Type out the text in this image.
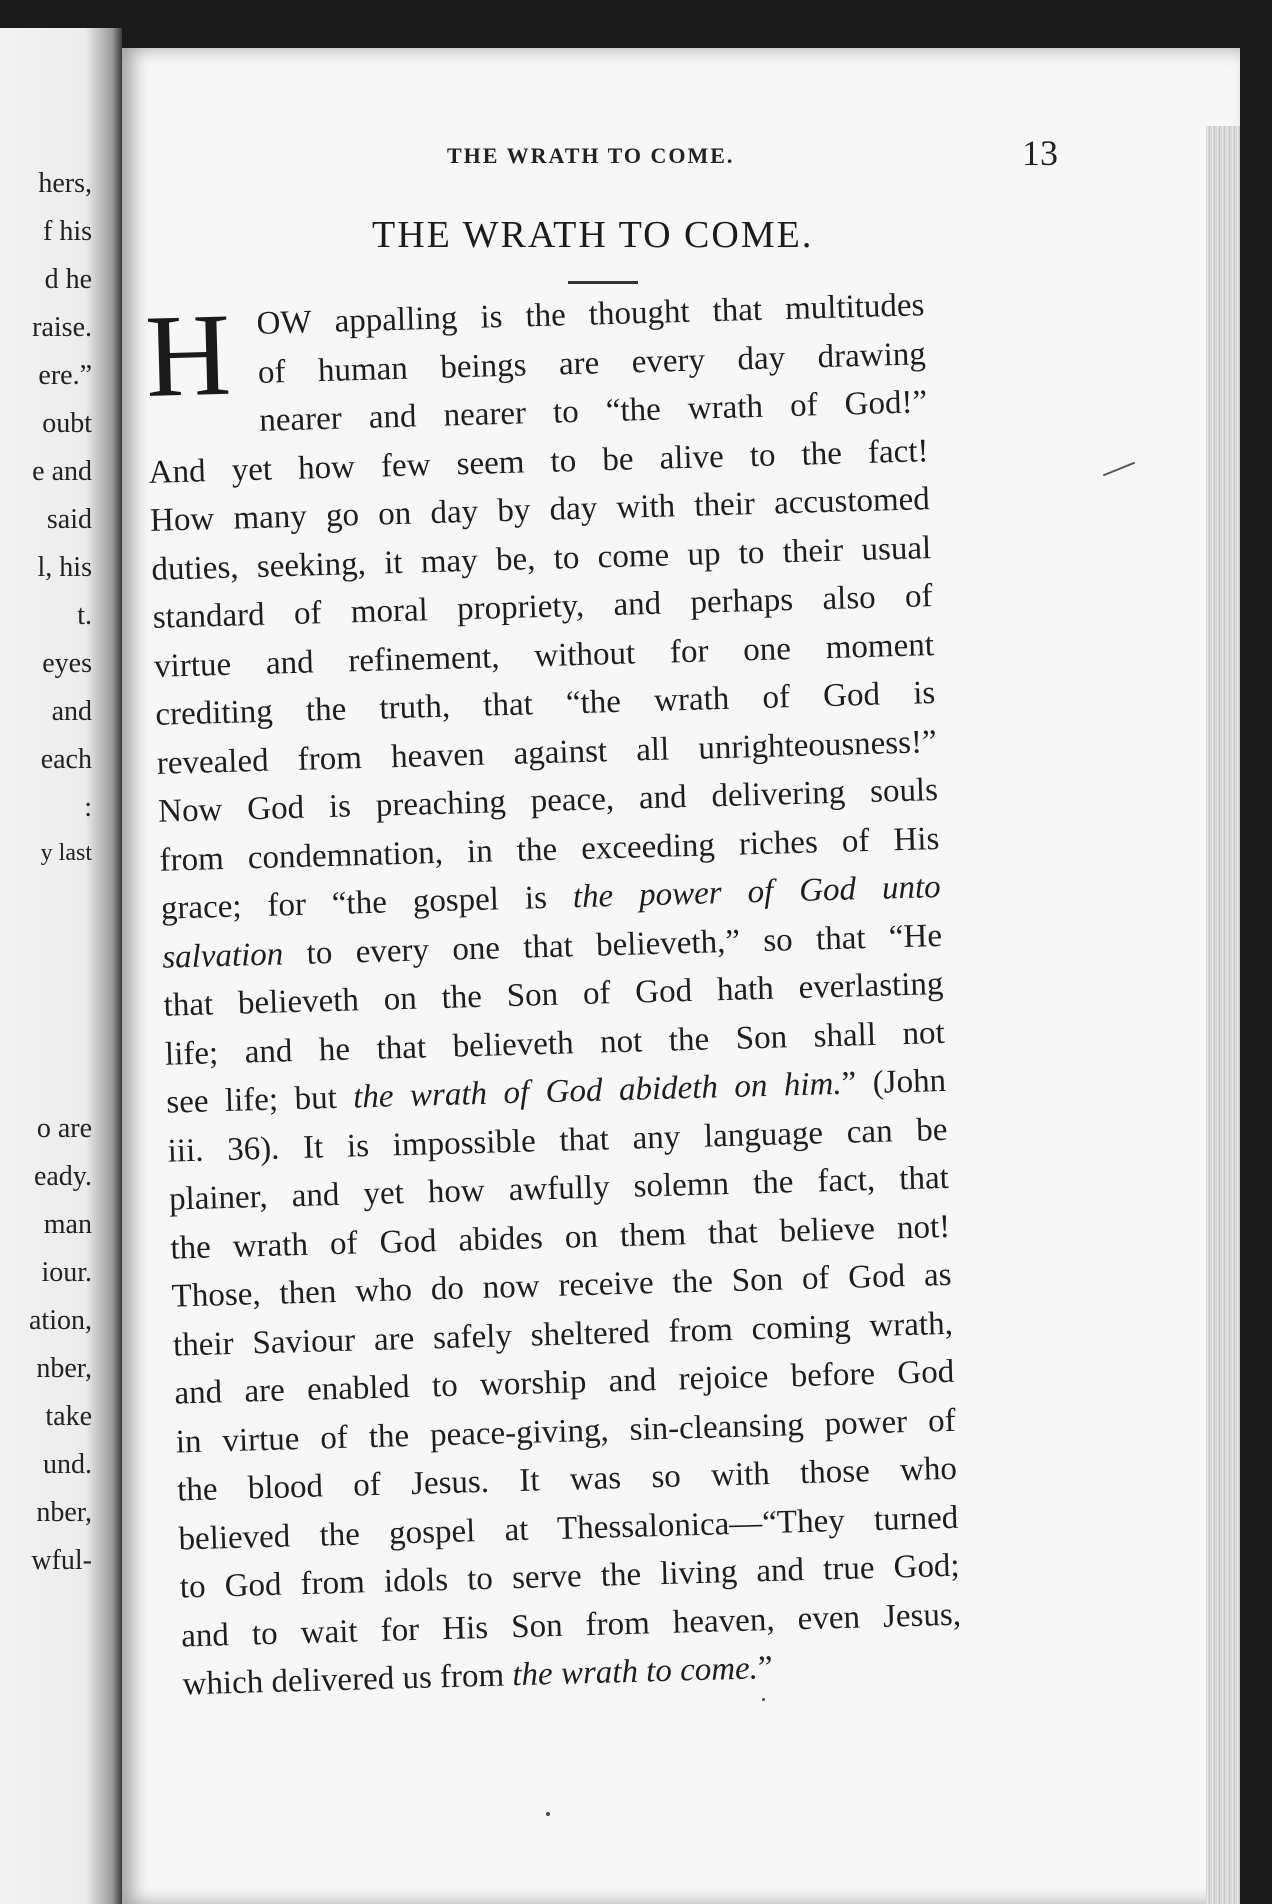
hers,
f his
d he
raise.
ere.”
oubt
e and
said
l, his
t.
eyes
and
each
:
y last
o are
eady.
man
iour.
ation,
nber,
take
und.
nber,
wful-
THE WRATH TO COME.	13
THE WRATH TO COME.
H OW appalling is the thought that multitudes
of human beings are every day drawing
nearer and nearer to “the wrath of God!”
And yet how few seem to be alive to the fact!
How many go on day by day with their accustomed
duties, seeking, it may be, to come up to their usual
standard of moral propriety, and perhaps also of
virtue and refinement, without for one moment
crediting the truth, that “the wrath of God is
revealed from heaven against all unrighteousness!”
Now God is preaching peace, and delivering souls
from condemnation, in the exceeding riches of His
grace; for “the gospel is the power of God unto
salvation to every one that believeth,” so that “He
that believeth on the Son of God hath everlasting
life; and he that believeth not the Son shall not
see life; but the wrath of God abideth on him.” (John
iii. 36). It is impossible that any language can be
plainer, and yet how awfully solemn the fact, that
the wrath of God abides on them that believe not!
Those, then who do now receive the Son of God as
their Saviour are safely sheltered from coming wrath,
and are enabled to worship and rejoice before God
in virtue of the peace-giving, sin-cleansing power of
the blood of Jesus. It was so with those who
believed the gospel at Thessalonica—“They turned
to God from idols to serve the living and true God;
and to wait for His Son from heaven, even Jesus,
which delivered us from the wrath to come.”
